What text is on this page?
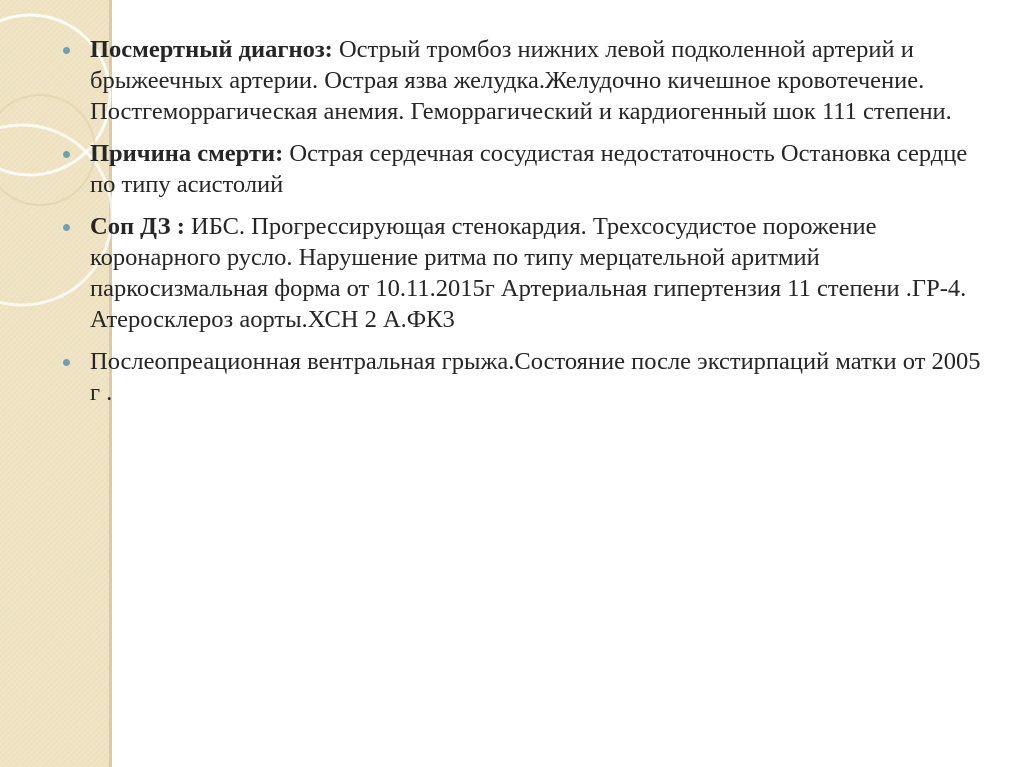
Посмертный диагноз: Острый тромбоз нижних левой подколенной артерий и брыжеечных артерии. Острая язва желудка.Желудочно кичешное кровотечение. Постгеморрагическая анемия. Геморрагический и кардиогенный шок 111 степени.
Причина смерти: Острая сердечная сосудистая недостаточность Остановка сердце по типу асистолий
Соп ДЗ : ИБС. Прогрессирующая стенокардия. Трехсосудистое порожение коронарного русло. Нарушение ритма по типу мерцательной аритмий паркосизмальная форма от 10.11.2015г Артериальная гипертензия 11 степени .ГР-4. Атеросклероз аорты.ХСН 2 А.ФК3
Послеопреационная вентральная грыжа.Состояние после экстирпаций матки от 2005 г .
